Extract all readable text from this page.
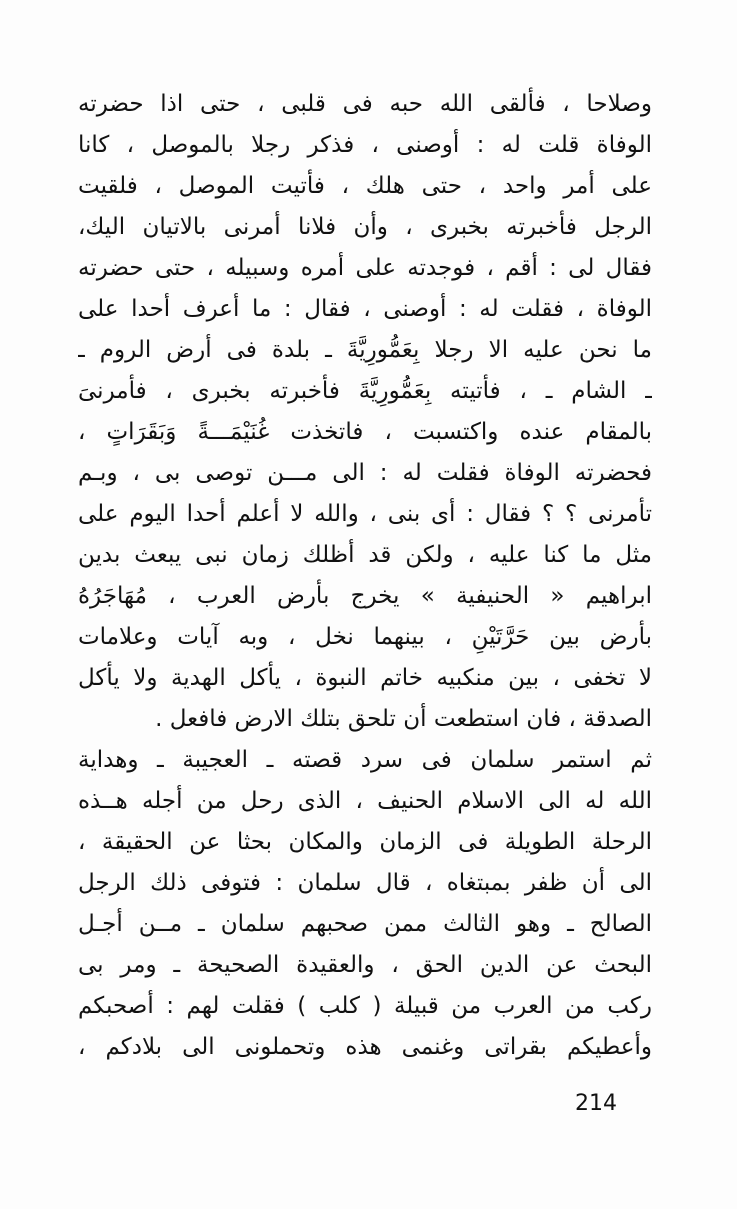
وصلاحا ، فألقى الله حبه فى قلبى ، حتى اذا حضرته
الوفاة قلت له : أوصنى ، فذكر رجلا بالموصل ، كانا
على أمر واحد ، حتى هلك ، فأتيت الموصل ، فلقيت
الرجل فأخبرته بخبرى ، وأن فلانا أمرنى بالاتيان اليك،
فقال لى : أقم ، فوجدته على أمره وسبيله ، حتى حضرته
الوفاة ، فقلت له : أوصنى ، فقال : ما أعرف أحدا على
ما نحن عليه الا رجلا بِعَمُّورِيَّةَ ـ بلدة فى أرض الروم ـ
ـ الشام ـ ، فأتيته بِعَمُّورِيَّةَ فأخبرته بخبرى ، فأمرنىَ
بالمقام عنده واكتسبت ، فاتخذت غُنَيْمَـــةً وَبَقَرَاتٍ ،
فحضرته الوفاة فقلت له : الى مـــن توصى بى ، وبـم
تأمرنى ؟ ؟ فقال : أى بنى ، والله لا أعلم أحدا اليوم على
مثل ما كنا عليه ، ولكن قد أظلك زمان نبى يبعث بدين
ابراهيم « الحنيفية » يخرج بأرض العرب ، مُهَاجَرُهُ
بأرض بين حَرَّتَيْنِ ، بينهما نخل ، وبه آيات وعلامات
لا تخفى ، بين منكبيه خاتم النبوة ، يأكل الهدية ولا يأكل
الصدقة ، فان استطعت أن تلحق بتلك الارض فافعل .
ثم استمر سلمان فى سرد قصته ـ العجيبة ـ وهداية
الله له الى الاسلام الحنيف ، الذى رحل من أجله هــذه
الرحلة الطويلة فى الزمان والمكان بحثا عن الحقيقة ،
الى أن ظفر بمبتغاه ، قال سلمان : فتوفى ذلك الرجل
الصالح ـ وهو الثالث ممن صحبهم سلمان ـ مــن أجـل
البحث عن الدين الحق ، والعقيدة الصحيحة ـ ومر بى
ركب من العرب من قبيلة ( كلب ) فقلت لهم : أصحبكم
وأعطيكم بقراتى وغنمى هذه وتحملونى الى بلادكم ،
214
